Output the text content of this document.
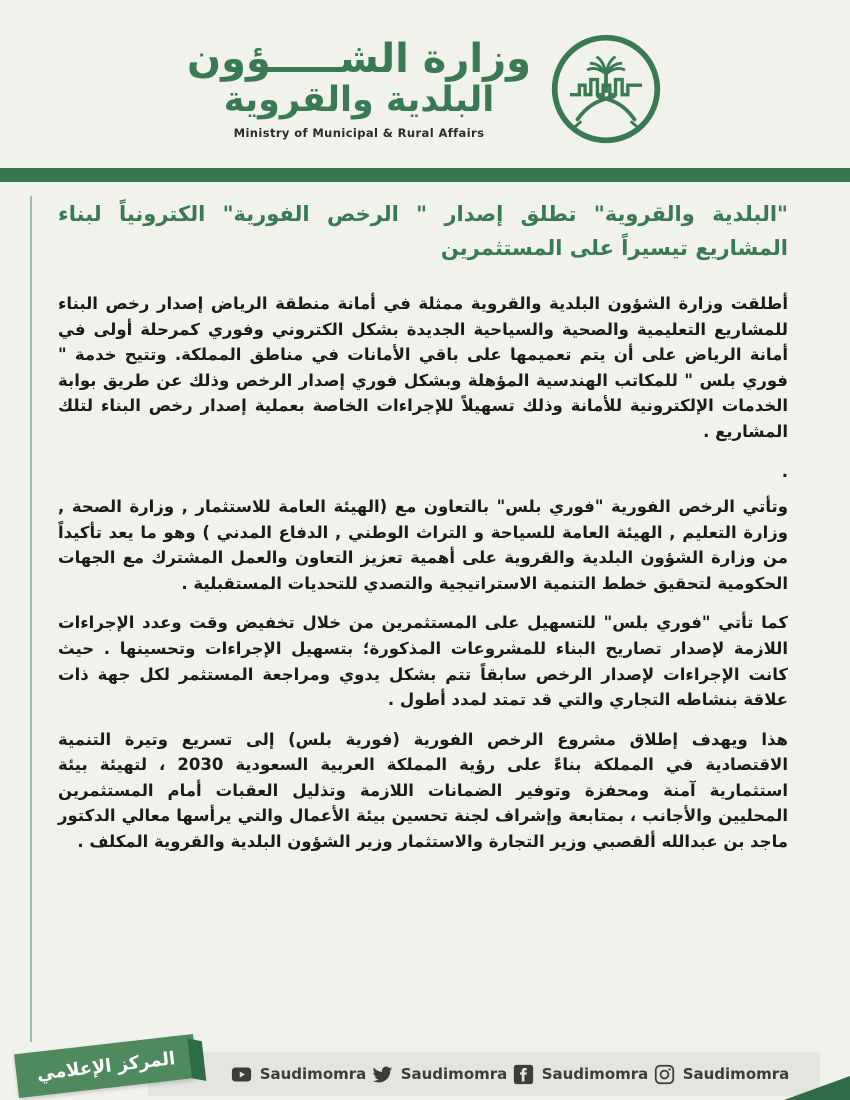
وزارة الشـــــؤون
البلدية والقروية
Ministry of Municipal & Rural Affairs
"البلدية والقروية" تطلق إصدار " الرخص الفورية" الكترونياً لبناء المشاريع تيسيراً على المستثمرين

أطلقت وزارة الشؤون البلدية والقروية ممثلة في أمانة منطقة الرياض إصدار رخص البناء للمشاريع التعليمية والصحية والسياحية الجديدة بشكل الكتروني وفوري كمرحلة أولى في أمانة الرياض على أن يتم تعميمها على باقي الأمانات في مناطق المملكة. وتتيح خدمة " فوري بلس " للمكاتب الهندسية المؤهلة وبشكل فوري إصدار الرخص وذلك عن طريق بوابة الخدمات الإلكترونية للأمانة وذلك تسهيلاً للإجراءات الخاصة بعملية إصدار رخص البناء لتلك المشاريع .

.

وتأتي الرخص الفورية "فوري بلس" بالتعاون مع (الهيئة العامة للاستثمار , وزارة الصحة , وزارة التعليم , الهيئة العامة للسياحة و التراث الوطني , الدفاع المدني ) وهو ما يعد تأكيداً من وزارة الشؤون البلدية والقروية على أهمية تعزيز التعاون والعمل المشترك مع الجهات الحكومية لتحقيق خطط التنمية الاستراتيجية والتصدي للتحديات المستقبلية .

كما تأتي "فوري بلس" للتسهيل على المستثمرين من خلال تخفيض وقت وعدد الإجراءات اللازمة لإصدار تصاريح البناء للمشروعات المذكورة؛ بتسهيل الإجراءات وتحسينها . حيث كانت الإجراءات لإصدار الرخص سابقاً تتم بشكل يدوي ومراجعة المستثمر لكل جهة ذات علاقة بنشاطه التجاري والتي قد تمتد لمدد أطول .

هذا ويهدف إطلاق مشروع الرخص الفورية (فورية بلس) إلى تسريع وتيرة التنمية الاقتصادية في المملكة بناءً على رؤية المملكة العربية السعودية 2030 ، لتهيئة بيئة استثمارية آمنة ومحفزة وتوفير الضمانات اللازمة وتذليل العقبات أمام المستثمرين المحليين والأجانب ، بمتابعة وإشراف لجنة تحسين بيئة الأعمال والتي يرأسها معالي الدكتور ماجد بن عبدالله ألقصبي وزير التجارة والاستثمار وزير الشؤون البلدية والقروية المكلف .

Saudimomra Saudimomra Saudimomra Saudimomra
المركز الإعلامي
